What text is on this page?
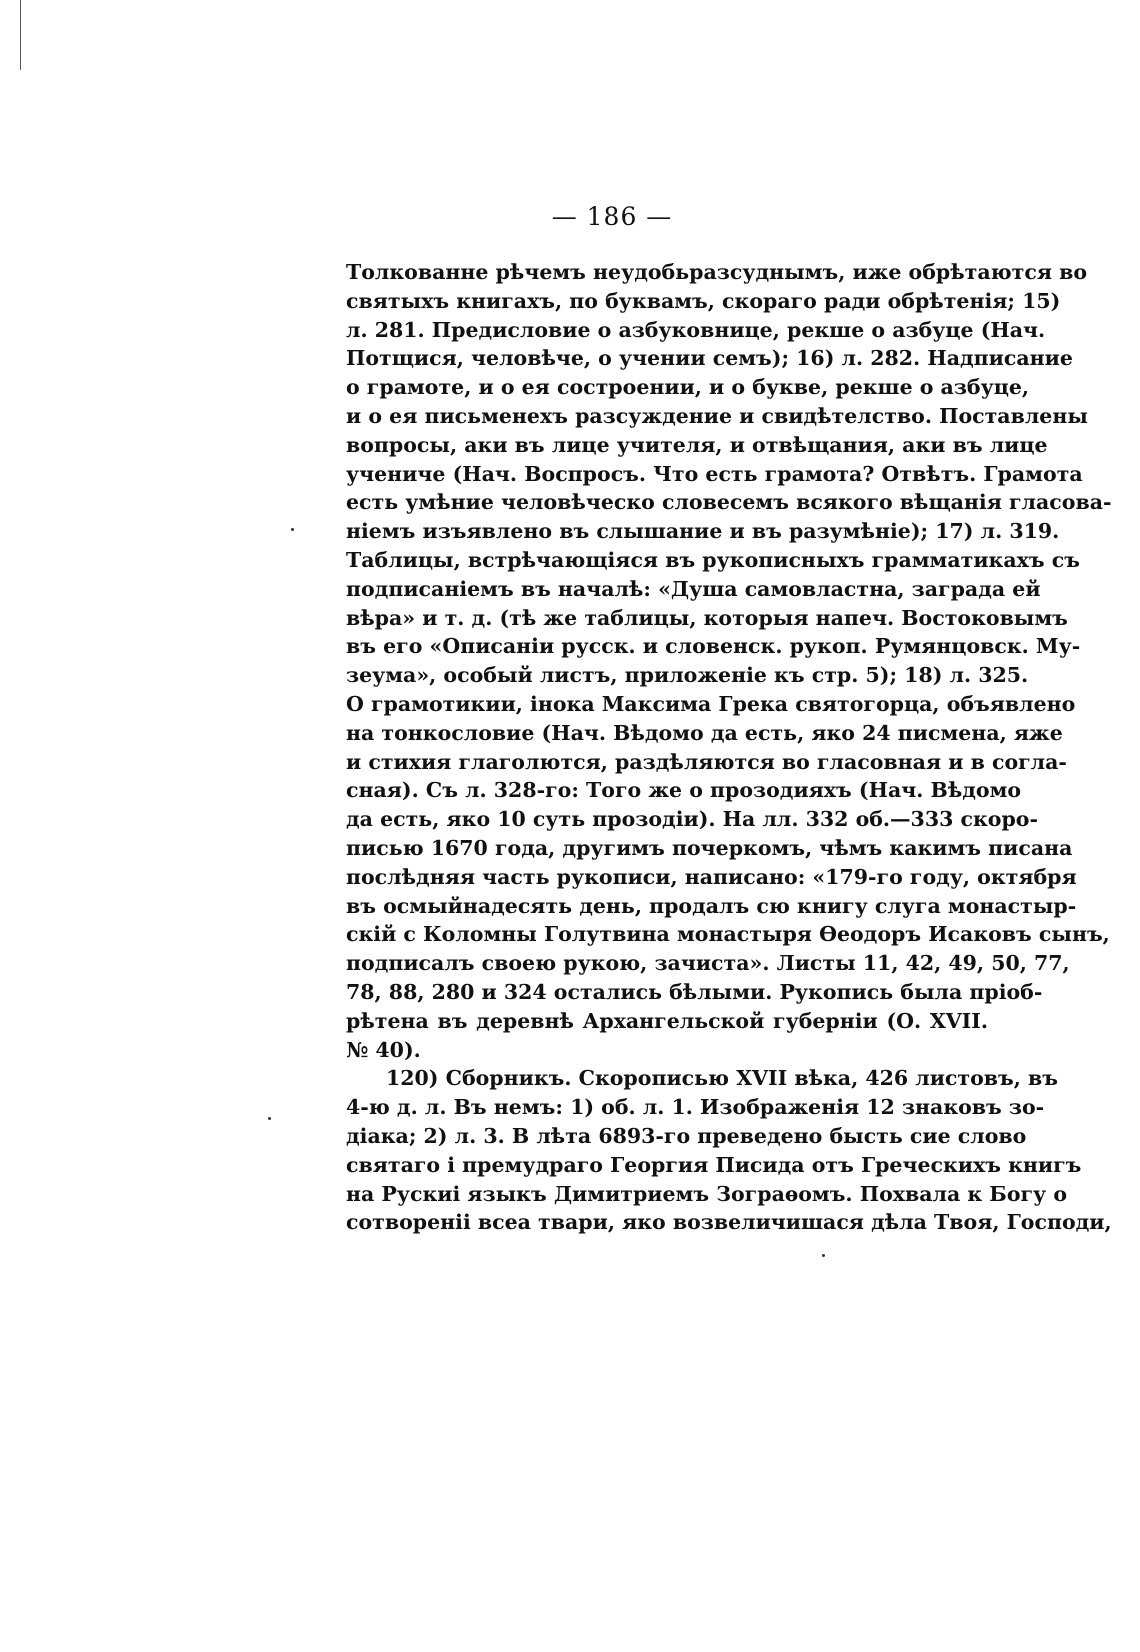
— 186 —
Толкованне рѣчемъ неудобьразсуднымъ, иже обрѣтаются во
святыхъ книгахъ, по буквамъ, скораго ради обрѣтенія; 15)
л. 281. Предисловие о азбуковнице, рекше о азбуце (Нач.
Потщися, человѣче, о учении семъ); 16) л. 282. Надписание
о грамоте, и о ея состроении, и о букве, рекше о азбуце,
и о ея письменехъ разсуждение и свидѣтелство. Поставлены
вопросы, аки въ лице учителя, и отвѣщания, аки въ лице
ученичe (Нач. Воспросъ. Что есть грамота? Отвѣтъ. Грамота
есть умѣние человѣческо словесемъ всякого вѣщанія гласова-
ніемъ изъявлено въ слышание и въ разумѣніе); 17) л. 319.
Таблицы, встрѣчающіяся въ рукописныхъ грамматикахъ съ
подписаніемъ въ началѣ: «Душа самовластна, заграда ей
вѣра» и т. д. (тѣ же таблицы, которыя напеч. Востоковымъ
въ его «Описаніи русск. и словенск. рукоп. Румянцовск. Му-
зеума», особый листъ, приложеніе къ стр. 5); 18) л. 325.
О грамотикии, інока Максима Грека святогорца, объявлено
на тонкословие (Нач. Вѣдомо да есть, яко 24 писмена, яже
и стихия глаголются, раздѣляются во гласовная и в согла-
сная). Съ л. 328-го: Того же о прозодияхъ (Нач. Вѣдомо
да есть, яко 10 суть прозодіи). На лл. 332 об.—333 скоро-
писью 1670 года, другимъ почеркомъ, чѣмъ какимъ писана
послѣдняя часть рукописи, написано: «179-го году, октября
въ осмыйнадесять день, продалъ сю книгу слуга монастыр-
скій с Коломны Голутвина монастыря Ѳеодоръ Исаковъ сынъ,
подписалъ своею рукою, зачиста». Листы 11, 42, 49, 50, 77,
78, 88, 280 и 324 остались бѣлыми. Рукопись была пріоб-
рѣтена въ деревнѣ Архангельской губерніи (О. XVII.
№ 40).
120) Сборникъ. Скорописью XVII вѣка, 426 листовъ, въ
4-ю д. л. Въ немъ: 1) об. л. 1. Изображенія 12 знаковъ зо-
діака; 2) л. 3. В лѣта 6893-го преведено бысть сие слово
святаго і премудраго Георгия Писида отъ Греческихъ книгъ
на Рускиі языкъ Димитриемъ Зограѳомъ. Похвала к Богу о
сотвореніі всеа твари, яко возвеличишася дѣла Твоя, Господи,
